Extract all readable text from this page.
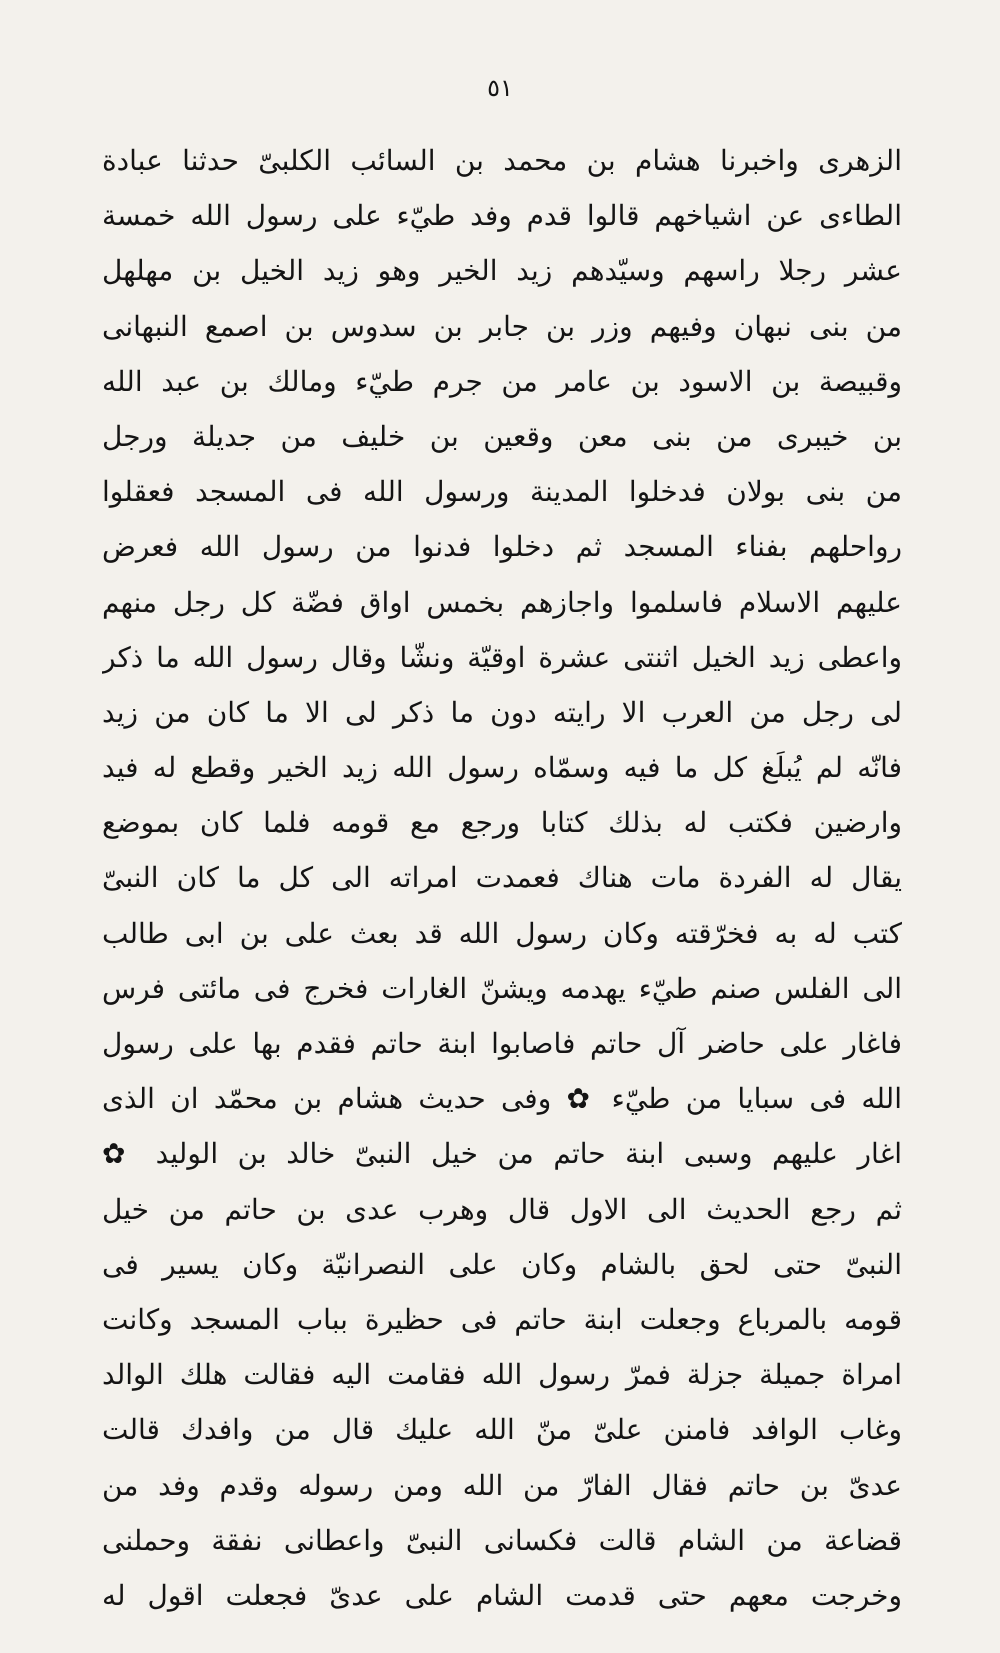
٥١
الزهرى واخبرنا هشام بن محمد بن السائب الكلبىّ حدثنا عبادة
الطاءى عن اشياخهم قالوا قدم وفد طيّء على رسول الله خمسة
عشر رجلا راسهم وسيّدهم زيد الخير وهو زيد الخيل بن مهلهل
من بنى نبهان وفيهم وزر بن جابر بن سدوس بن اصمع النبهانى
وقبيصة بن الاسود بن عامر من جرم طيّء ومالك بن عبد الله
بن خيبرى من بنى معن وقعين بن خليف من جديلة ورجل
من بنى بولان فدخلوا المدينة ورسول الله فى المسجد فعقلوا
رواحلهم بفناء المسجد ثم دخلوا فدنوا من رسول الله فعرض
عليهم الاسلام فاسلموا واجازهم بخمس اواق فضّة كل رجل منهم
واعطى زيد الخيل اثنتى عشرة اوقيّة ونشّا وقال رسول الله ما ذكر
لى رجل من العرب الا رايته دون ما ذكر لى الا ما كان من زيد
فانّه لم يُبلَغ كل ما فيه وسمّاه رسول الله زيد الخير وقطع له فيد
وارضين فكتب له بذلك كتابا ورجع مع قومه فلما كان بموضع
يقال له الفردة مات هناك فعمدت امراته الى كل ما كان النبىّ
كتب له به فخرّقته وكان رسول الله قد بعث على بن ابى طالب
الى الفلس صنم طيّء يهدمه ويشنّ الغارات فخرج فى مائتى فرس
فاغار على حاضر آل حاتم فاصابوا ابنة حاتم فقدم بها على رسول
الله فى سبايا من طيّء ✿ وفى حديث هشام بن محمّد ان الذى
اغار عليهم وسبى ابنة حاتم من خيل النبىّ خالد بن الوليد ✿
ثم رجع الحديث الى الاول قال وهرب عدى بن حاتم من خيل
النبىّ حتى لحق بالشام وكان على النصرانيّة وكان يسير فى
قومه بالمرباع وجعلت ابنة حاتم فى حظيرة بباب المسجد وكانت
امراة جميلة جزلة فمرّ رسول الله فقامت اليه فقالت هلك الوالد
وغاب الوافد فامنن علىّ منّ الله عليك قال من وافدك قالت
عدىّ بن حاتم فقال الفارّ من الله ومن رسوله وقدم وفد من
قضاعة من الشام قالت فكسانى النبىّ واعطانى نفقة وحملنى
وخرجت معهم حتى قدمت الشام على عدىّ فجعلت اقول له
